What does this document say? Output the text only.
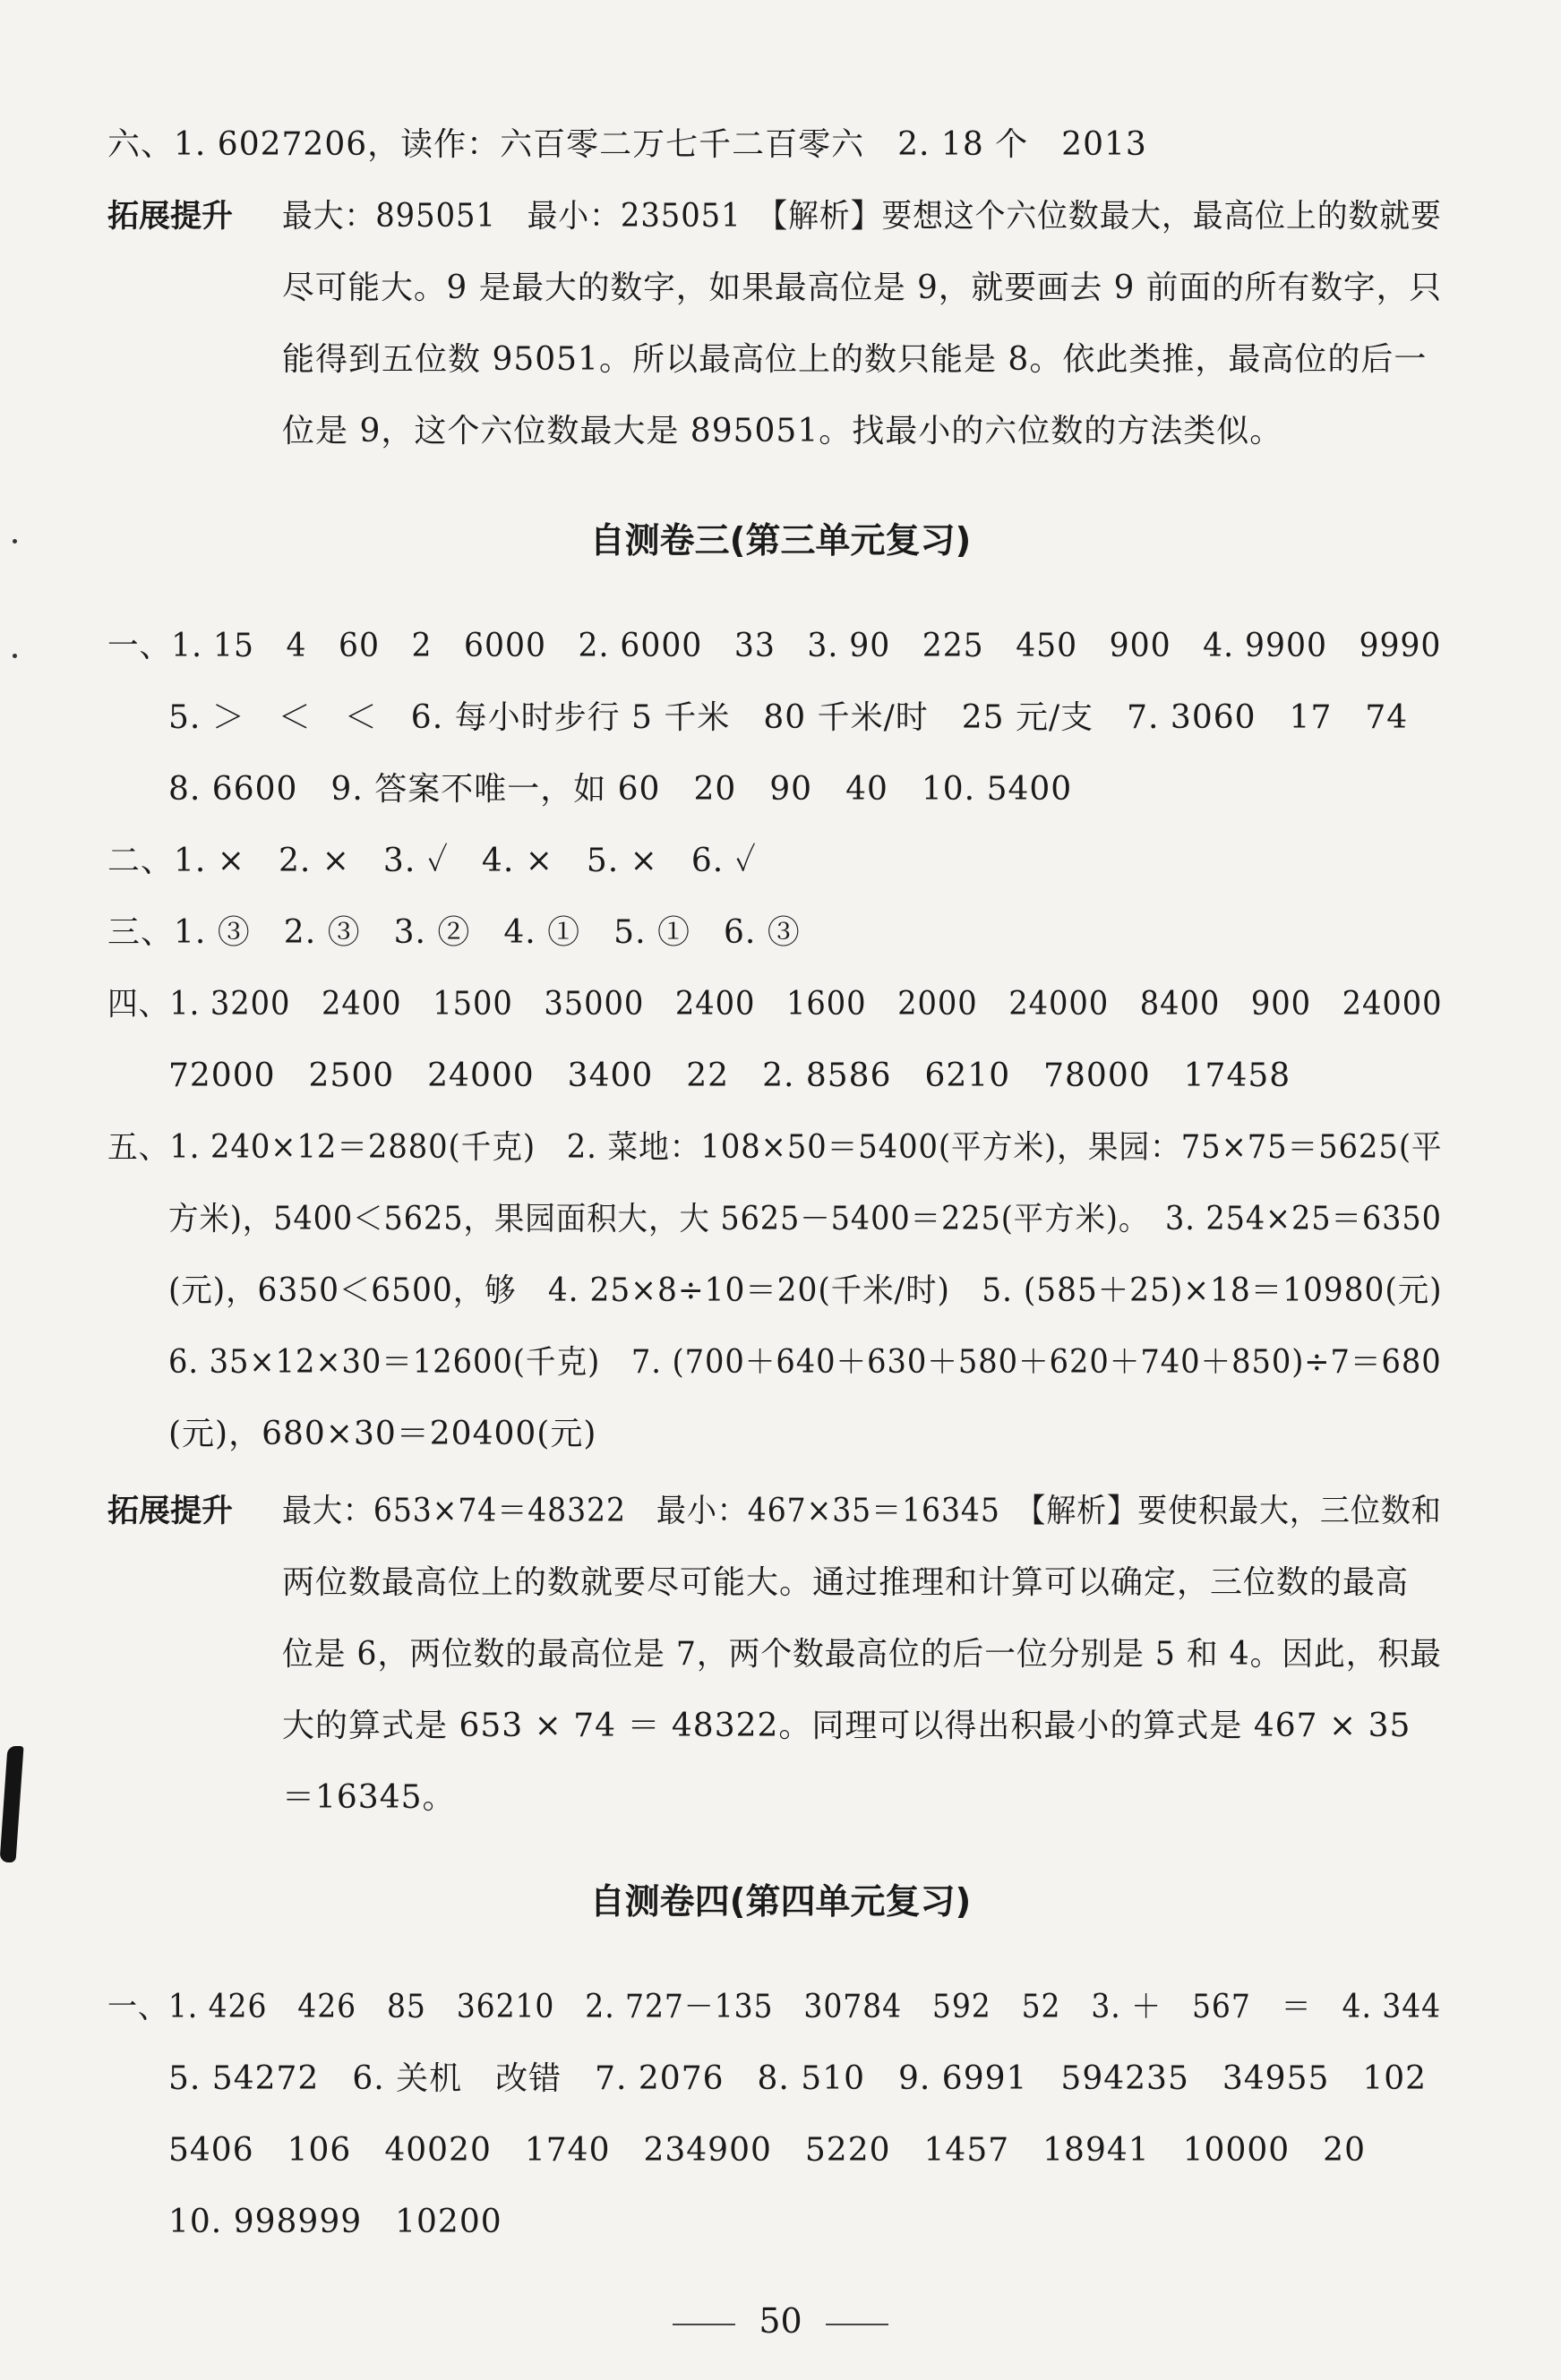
六、1. 6027206，读作：六百零二万七千二百零六　2. 18 个　2013
拓展提升 最大：895051　最小：235051　【解析】要想这个六位数最大，最高位上的数就要
尽可能大。9 是最大的数字，如果最高位是 9，就要画去 9 前面的所有数字，只
能得到五位数 95051。所以最高位上的数只能是 8。依此类推，最高位的后一
位是 9，这个六位数最大是 895051。找最小的六位数的方法类似。
自测卷三(第三单元复习)
一、1. 15　4　60　2　6000　2. 6000　33　3. 90　225　450　900　4. 9900　9990
5. ＞　＜　＜　6. 每小时步行 5 千米　80 千米/时　25 元/支　7. 3060　17　74
8. 6600　9. 答案不唯一，如 60　20　90　40　10. 5400
二、1. ×　2. ×　3. ✓　4. ×　5. ×　6. ✓
三、1. ③　2. ③　3. ②　4. ①　5. ①　6. ③
四、1. 3200　2400　1500　35000　2400　1600　2000　24000　8400　900　24000
72000　2500　24000　3400　22　2. 8586　6210　78000　17458
五、1. 240×12＝2880(千克)　2. 菜地：108×50＝5400(平方米)，果园：75×75＝5625(平
方米)，5400＜5625，果园面积大，大 5625－5400＝225(平方米)。　3. 254×25＝6350
(元)，6350＜6500，够　4. 25×8÷10＝20(千米/时)　5. (585＋25)×18＝10980(元)
6. 35×12×30＝12600(千克)　7. (700＋640＋630＋580＋620＋740＋850)÷7＝680
(元)，680×30＝20400(元)
拓展提升 最大：653×74＝48322　最小：467×35＝16345　【解析】要使积最大，三位数和
两位数最高位上的数就要尽可能大。通过推理和计算可以确定，三位数的最高
位是 6，两位数的最高位是 7，两个数最高位的后一位分别是 5 和 4。因此，积最
大的算式是 653 × 74 ＝ 48322。同理可以得出积最小的算式是 467 × 35
＝16345。
自测卷四(第四单元复习)
一、1. 426　426　85　36210　2. 727－135　30784　592　52　3. ＋　567　＝　4. 344
5. 54272　6. 关机　改错　7. 2076　8. 510　9. 6991　594235　34955　102
5406　106　40020　1740　234900　5220　1457　18941　10000　20
10. 998999　10200
50
